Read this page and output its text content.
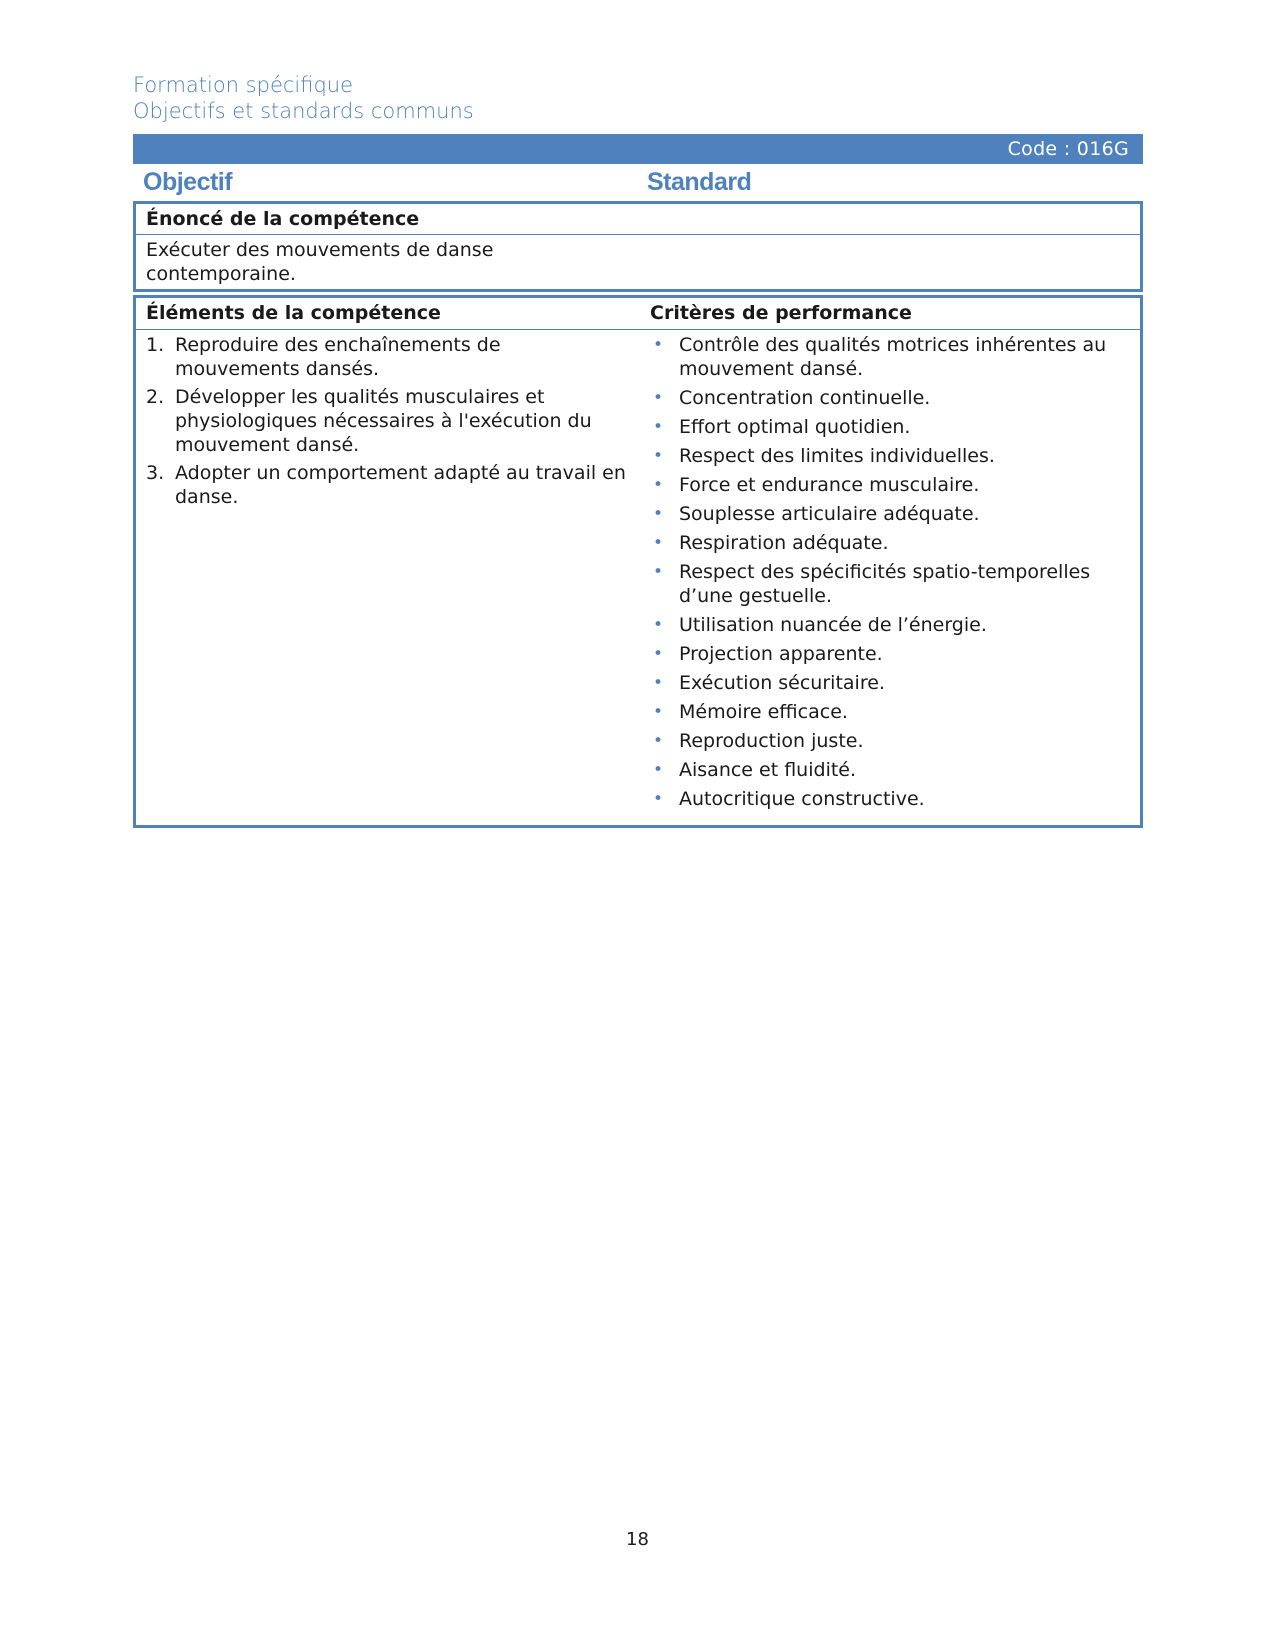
Formation spécifique
Objectifs et standards communs
Code : 016G
Objectif	Standard
Énoncé de la compétence
Exécuter des mouvements de danse contemporaine.
Éléments de la compétence	Critères de performance
1. Reproduire des enchaînements de mouvements dansés.
2. Développer les qualités musculaires et physiologiques nécessaires à l'exécution du mouvement dansé.
3. Adopter un comportement adapté au travail en danse.
• Contrôle des qualités motrices inhérentes au mouvement dansé.
• Concentration continuelle.
• Effort optimal quotidien.
• Respect des limites individuelles.
• Force et endurance musculaire.
• Souplesse articulaire adéquate.
• Respiration adéquate.
• Respect des spécificités spatio-temporelles d’une gestuelle.
• Utilisation nuancée de l’énergie.
• Projection apparente.
• Exécution sécuritaire.
• Mémoire efficace.
• Reproduction juste.
• Aisance et fluidité.
• Autocritique constructive.
18
